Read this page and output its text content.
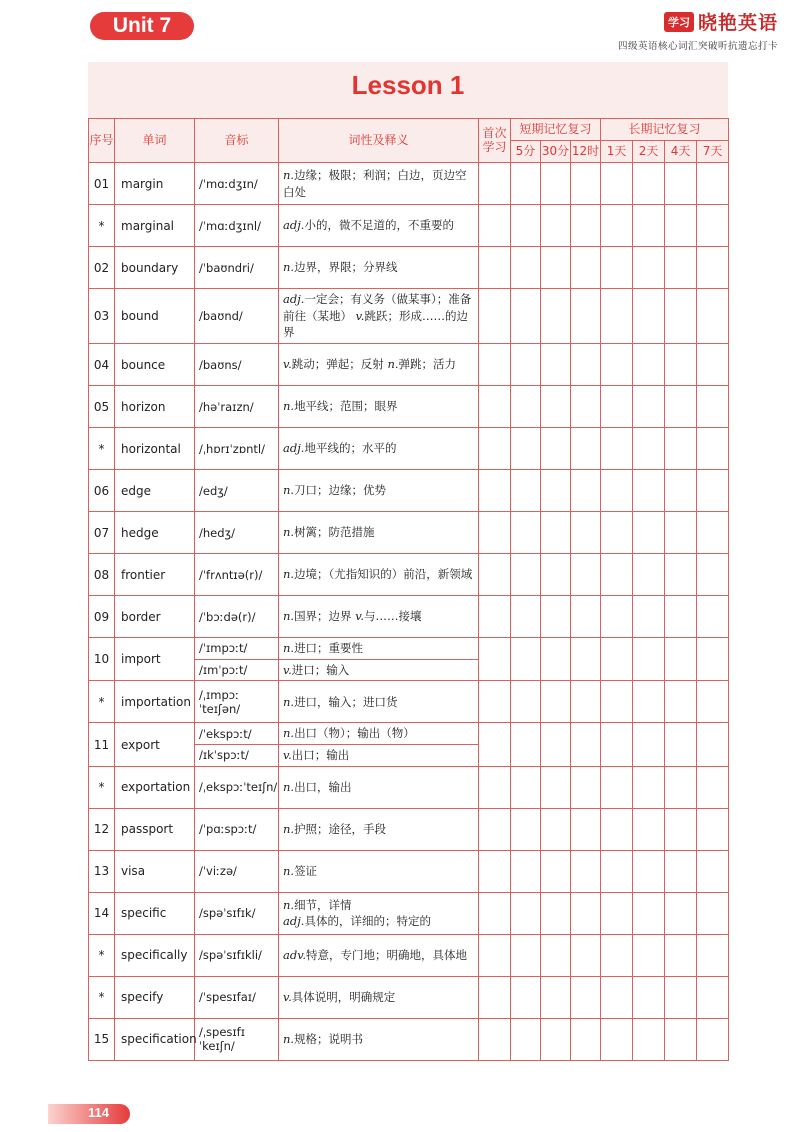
Unit 7	学习 晓艳英语
四级英语核心词汇突破听抗遗忘打卡
Lesson 1
序号	单词	音标	词性及释义	首次学习	短期记忆复习			长期记忆复习			
					5分	30分	12时	1天	2天	4天	7天
01	margin	/ˈmɑːdʒɪn/	n.边缘；极限；利润；白边，页边空白处								
*	marginal	/ˈmɑːdʒɪnl/	adj.小的，微不足道的，不重要的								
02	boundary	/ˈbaʊndri/	n.边界，界限；分界线								
03	bound	/baʊnd/	adj.一定会；有义务（做某事）；准备前往（某地） v.跳跃；形成……的边界								
04	bounce	/baʊns/	v.跳动；弹起；反射 n.弹跳；活力								
05	horizon	/həˈraɪzn/	n.地平线；范围；眼界								
*	horizontal	/ˌhɒrɪˈzɒntl/	adj.地平线的；水平的								
06	edge	/edʒ/	n.刀口；边缘；优势								
07	hedge	/hedʒ/	n.树篱；防范措施								
08	frontier	/ˈfrʌntɪə(r)/	n.边境；（尤指知识的）前沿，新领域								
09	border	/ˈbɔːdə(r)/	n.国界；边界 v.与……接壤								
10	import	/ˈɪmpɔːt/	n.进口；重要性								
		/ɪmˈpɔːt/	v.进口；输入								
*	importation	/ˌɪmpɔːˈteɪʃən/	n.进口，输入；进口货								
11	export	/ˈekspɔːt/	n.出口（物）；输出（物）								
		/ɪkˈspɔːt/	v.出口；输出								
*	exportation	/ˌekspɔːˈteɪʃn/	n.出口，输出								
12	passport	/ˈpɑːspɔːt/	n.护照；途径，手段								
13	visa	/ˈviːzə/	n.签证								
14	specific	/spəˈsɪfɪk/	n.细节，详情
adj.具体的，详细的；特定的								
*	specifically	/spəˈsɪfɪkli/	adv.特意，专门地；明确地，具体地								
*	specify	/ˈspesɪfaɪ/	v.具体说明，明确规定								
15	specification	/ˌspesɪfɪˈkeɪʃn/	n.规格；说明书								
114
